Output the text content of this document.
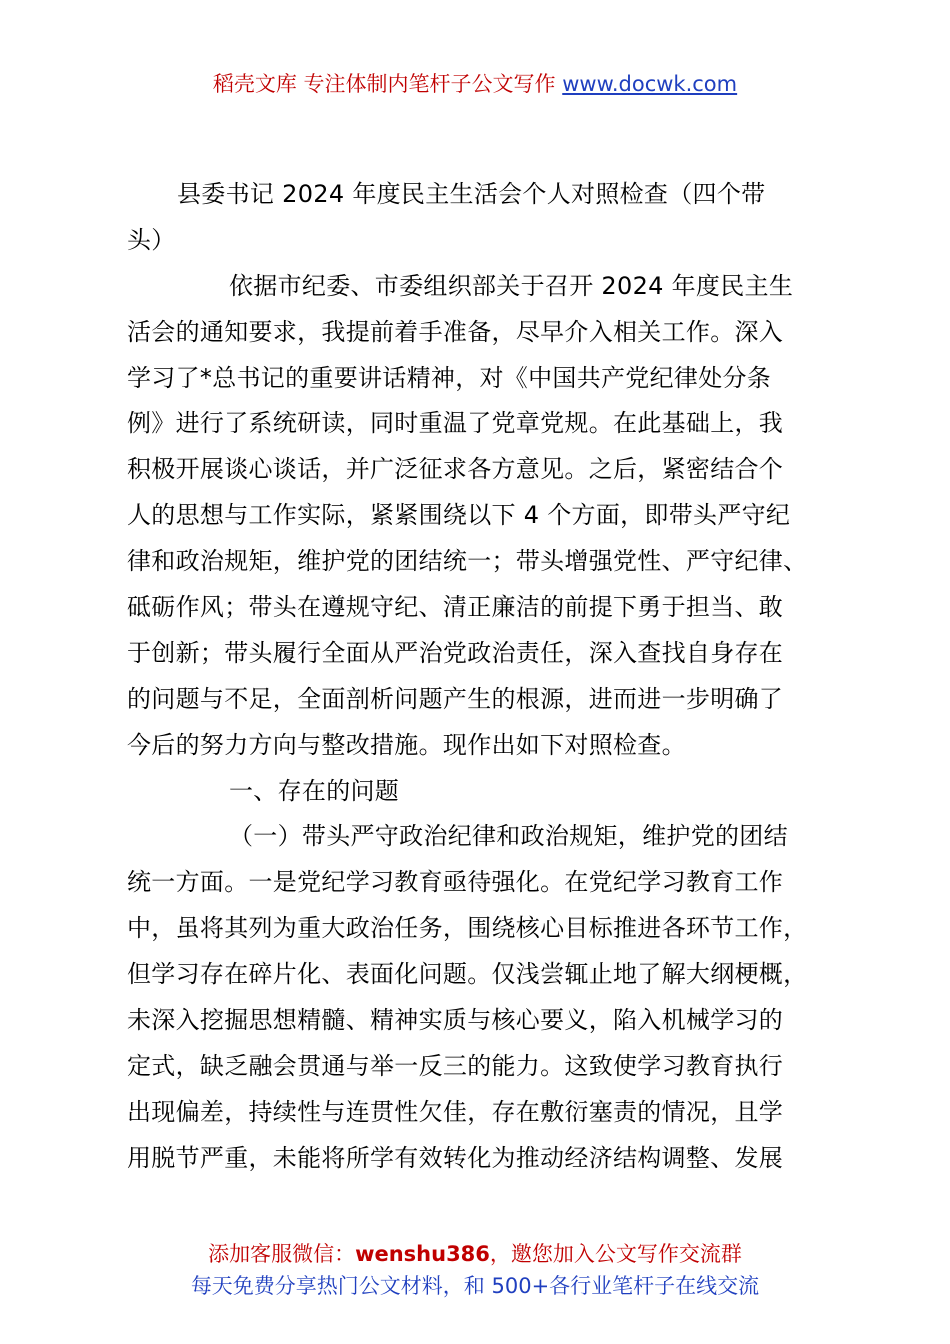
稻壳文库 专注体制内笔杆子公文写作 www.docwk.com
县委书记 2024 年度民主生活会个人对照检查（四个带
头）
依据市纪委、市委组织部关于召开 2024 年度民主生
活会的通知要求，我提前着手准备，尽早介入相关工作。深入
学习了*总书记的重要讲话精神，对《中国共产党纪律处分条
例》进行了系统研读，同时重温了党章党规。在此基础上，我
积极开展谈心谈话，并广泛征求各方意见。之后，紧密结合个
人的思想与工作实际，紧紧围绕以下 4 个方面，即带头严守纪
律和政治规矩，维护党的团结统一；带头增强党性、严守纪律、
砥砺作风；带头在遵规守纪、清正廉洁的前提下勇于担当、敢
于创新；带头履行全面从严治党政治责任，深入查找自身存在
的问题与不足，全面剖析问题产生的根源，进而进一步明确了
今后的努力方向与整改措施。现作出如下对照检查。
一、存在的问题
（一）带头严守政治纪律和政治规矩，维护党的团结
统一方面。一是党纪学习教育亟待强化。在党纪学习教育工作
中，虽将其列为重大政治任务，围绕核心目标推进各环节工作，
但学习存在碎片化、表面化问题。仅浅尝辄止地了解大纲梗概，
未深入挖掘思想精髓、精神实质与核心要义，陷入机械学习的
定式，缺乏融会贯通与举一反三的能力。这致使学习教育执行
出现偏差，持续性与连贯性欠佳，存在敷衍塞责的情况，且学
用脱节严重，未能将所学有效转化为推动经济结构调整、发展
添加客服微信：wenshu386，邀您加入公文写作交流群
每天免费分享热门公文材料，和 500+各行业笔杆子在线交流
